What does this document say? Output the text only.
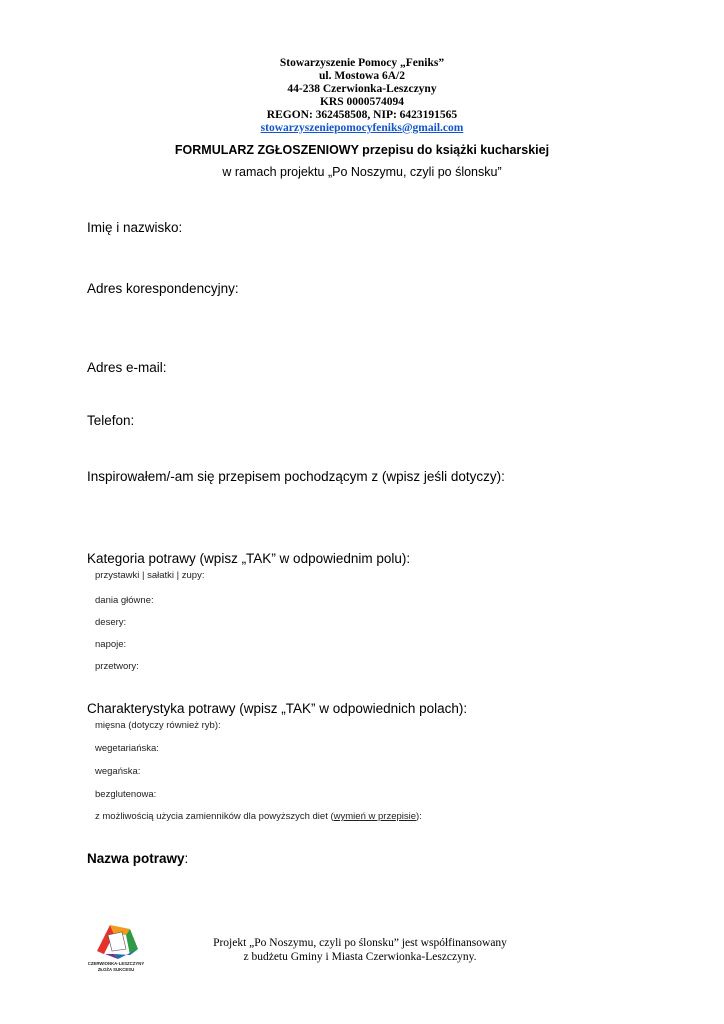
Stowarzyszenie Pomocy „Feniks”
ul. Mostowa 6A/2
44-238 Czerwionka-Leszczyny
KRS 0000574094
REGON: 362458508, NIP: 6423191565
stowarzyszeniepomocyfeniks@gmail.com
FORMULARZ ZGŁOSZENIOWY przepisu do książki kucharskiej
w ramach projektu „Po Noszymu, czyli po ślonsku”
Imię i nazwisko:
Adres korespondencyjny:
Adres e-mail:
Telefon:
Inspirowałem/-am się przepisem pochodzącym z (wpisz jeśli dotyczy):
Kategoria potrawy (wpisz „TAK” w odpowiednim polu):
przystawki | sałatki | zupy:
dania główne:
desery:
napoje:
przetwory:
Charakterystyka potrawy (wpisz „TAK” w odpowiednich polach):
mięsna (dotyczy również ryb):
wegetariańska:
wegańska:
bezglutenowa:
z możliwością użycia zamienników dla powyższych diet (wymień w przepisie):
Nazwa potrawy:
CZERWIONKA-LESZCZYNY
ZŁOŻA SUKCESU
Projekt „Po Noszymu, czyli po ślonsku” jest współfinansowany
z budżetu Gminy i Miasta Czerwionka-Leszczyny.
